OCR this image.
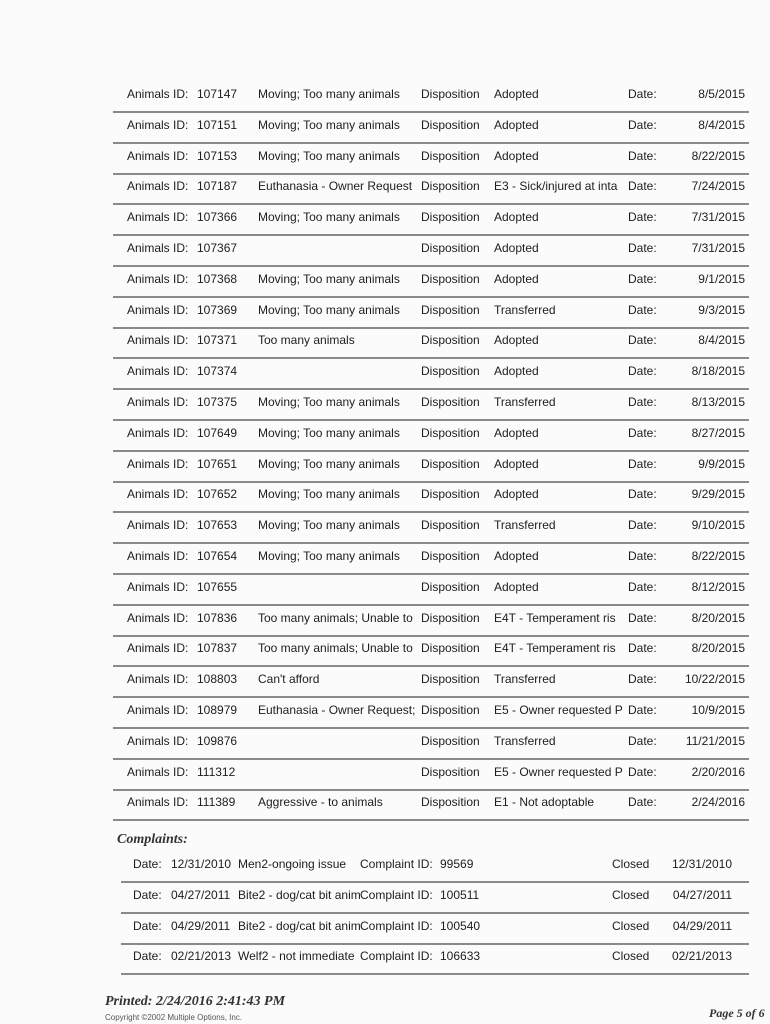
Animals ID: 107147 Moving; Too many animals Disposition Adopted	Date:	8/5/2015
Animals ID: 107151 Moving; Too many animals Disposition Adopted	Date:	8/4/2015
Animals ID: 107153 Moving; Too many animals Disposition Adopted	Date:	8/22/2015
Animals ID: 107187 Euthanasia - Owner Request Disposition E3 - Sick/injured at inta Date:	7/24/2015
Animals ID: 107366 Moving; Too many animals Disposition Adopted	Date:	7/31/2015
Animals ID: 107367	Disposition Adopted	Date:	7/31/2015
Animals ID: 107368 Moving; Too many animals Disposition Adopted	Date:	9/1/2015
Animals ID: 107369 Moving; Too many animals Disposition Transferred	Date:	9/3/2015
Animals ID: 107371 Too many animals	Disposition Adopted	Date:	8/4/2015
Animals ID: 107374	Disposition Adopted	Date:	8/18/2015
Animals ID: 107375 Moving; Too many animals Disposition Transferred	Date:	8/13/2015
Animals ID: 107649 Moving; Too many animals Disposition Adopted	Date:	8/27/2015
Animals ID: 107651 Moving; Too many animals Disposition Adopted	Date:	9/9/2015
Animals ID: 107652 Moving; Too many animals Disposition Adopted	Date:	9/29/2015
Animals ID: 107653 Moving; Too many animals Disposition Transferred	Date:	9/10/2015
Animals ID: 107654 Moving; Too many animals Disposition Adopted	Date:	8/22/2015
Animals ID: 107655	Disposition Adopted	Date:	8/12/2015
Animals ID: 107836 Too many animals; Unable to Disposition E4T - Temperament ris Date:	8/20/2015
Animals ID: 107837 Too many animals; Unable to Disposition E4T - Temperament ris Date:	8/20/2015
Animals ID: 108803 Can't afford	Disposition Transferred	Date: 10/22/2015
Animals ID: 108979 Euthanasia - Owner Request; Disposition E5 - Owner requested P Date:	10/9/2015
Animals ID: 109876	Disposition Transferred	Date: 11/21/2015
Animals ID: 111312	Disposition E5 - Owner requested P Date:	2/20/2016
Animals ID: 111389 Aggressive - to animals	Disposition E1 - Not adoptable	Date:	2/24/2016
Complaints:
Date: 12/31/2010 Men2-ongoing issue Complaint ID: 99569	Closed 12/31/2010
Date: 04/27/2011 Bite2 - dog/cat bit anim Complaint ID: 100511	Closed 04/27/2011
Date: 04/29/2011 Bite2 - dog/cat bit anim Complaint ID: 100540	Closed 04/29/2011
Date: 02/21/2013 Welf2 - not immediate Complaint ID: 106633	Closed 02/21/2013
Printed: 2/24/2016 2:41:43 PM
Copyright ©2002 Multiple Options, Inc.	Page 5 of 6
